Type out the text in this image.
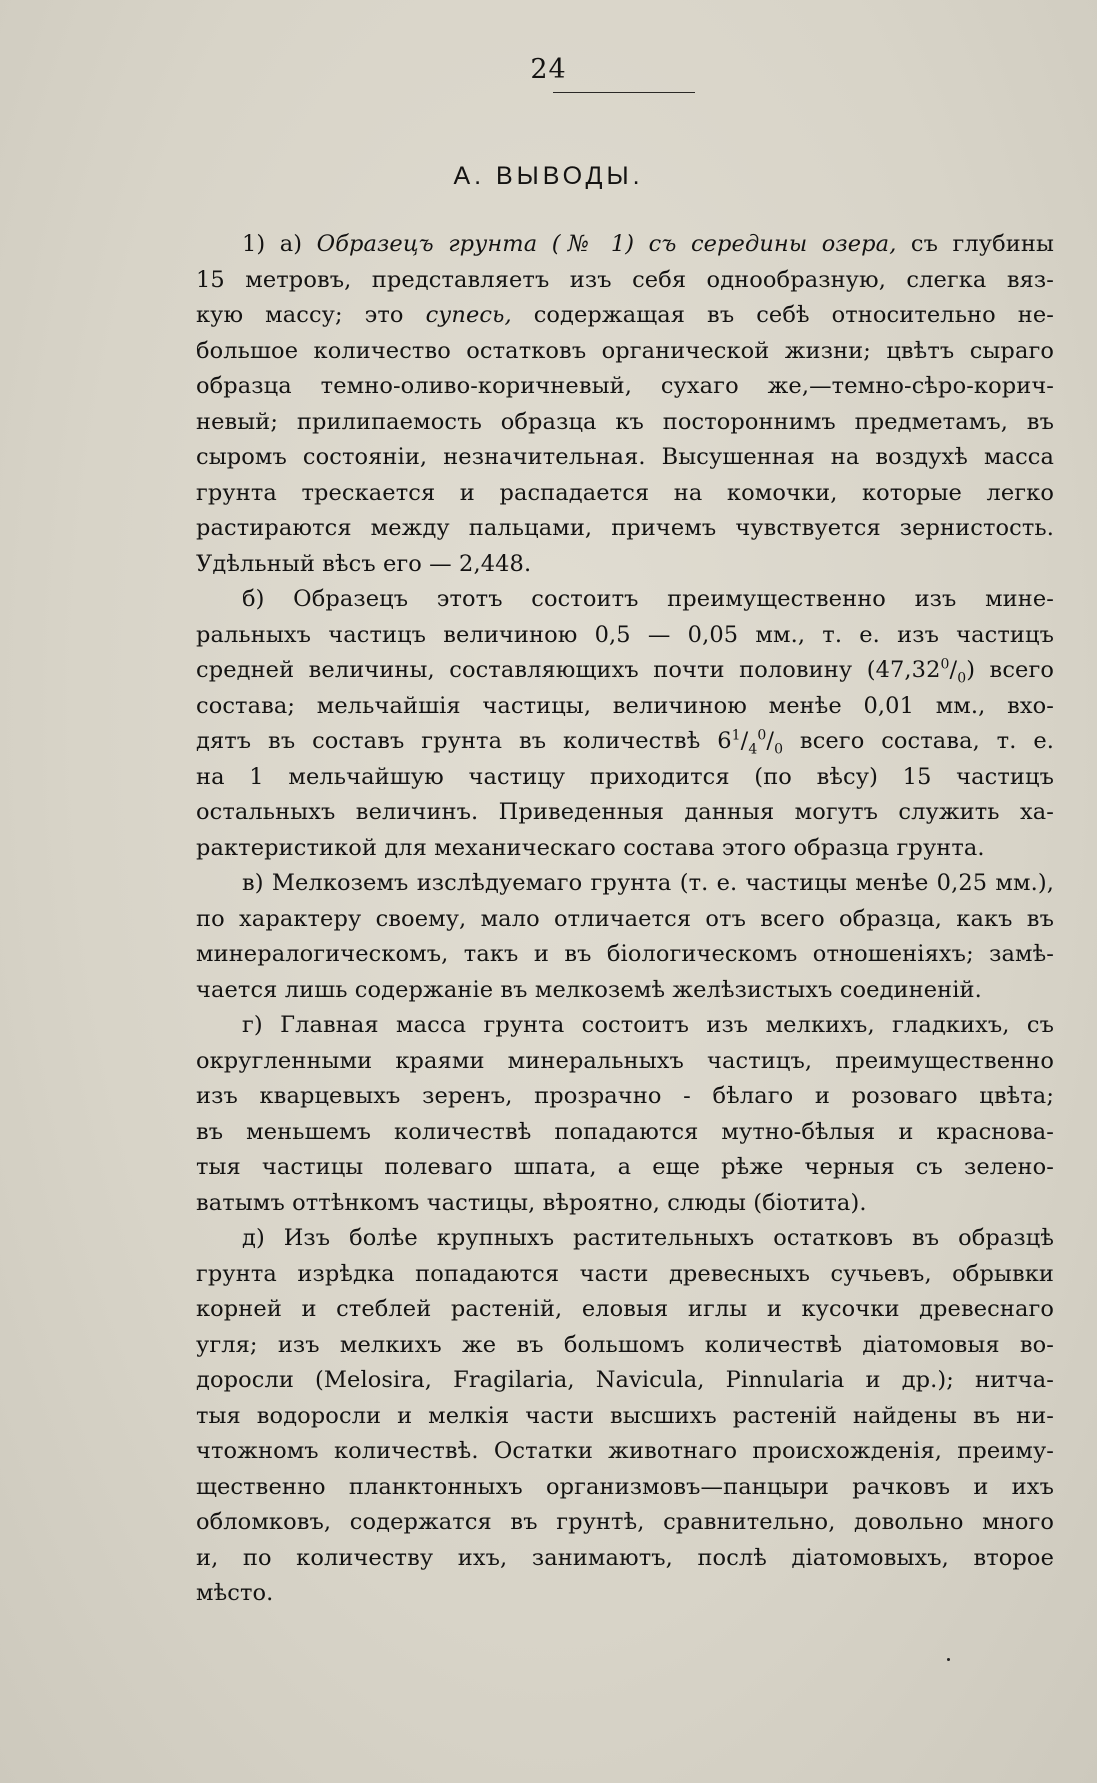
24
А. ВЫВОДЫ.
1) а) Образецъ грунта (№ 1) съ середины озера, съ глубины
15 метровъ, представляетъ изъ себя однообразную, слегка вяз-
кую массу; это супесь, содержащая въ себѣ относительно не-
большое количество остатковъ органической жизни; цвѣтъ сыраго
образца темно-оливо-коричневый, сухаго же,—темно-сѣро-корич-
невый; прилипаемость образца къ постороннимъ предметамъ, въ
сыромъ состояніи, незначительная. Высушенная на воздухѣ масса
грунта трескается и распадается на комочки, которые легко
растираются между пальцами, причемъ чувствуется зернистость.
Удѣльный вѣсъ его — 2,448.
б) Образецъ этотъ состоитъ преимущественно изъ мине-
ральныхъ частицъ величиною 0,5 — 0,05 мм., т. е. изъ частицъ
средней величины, составляющихъ почти половину $(47,32^0/_0)$ всего
состава; мельчайшія частицы, величиною менѣе 0,01 мм., вхо-
дятъ въ составъ грунта въ количествѣ $6^1/_4^0/_0$ всего состава, т. е.
на 1 мельчайшую частицу приходится (по вѣсу) 15 частицъ
остальныхъ величинъ. Приведенныя данныя могутъ служить ха-
рактеристикой для механическаго состава этого образца грунта.
в) Мелкоземъ изслѣдуемаго грунта (т. е. частицы менѣе 0,25 мм.),
по характеру своему, мало отличается отъ всего образца, какъ въ
минералогическомъ, такъ и въ біологическомъ отношеніяхъ; замѣ-
чается лишь содержаніе въ мелкоземѣ желѣзистыхъ соединеній.
г) Главная масса грунта состоитъ изъ мелкихъ, гладкихъ, съ
округленными краями минеральныхъ частицъ, преимущественно
изъ кварцевыхъ зеренъ, прозрачно - бѣлаго и розоваго цвѣта;
въ меньшемъ количествѣ попадаются мутно-бѣлыя и краснова-
тыя частицы полеваго шпата, а еще рѣже черныя съ зелено-
ватымъ оттѣнкомъ частицы, вѣроятно, слюды (біотита).
д) Изъ болѣе крупныхъ растительныхъ остатковъ въ образцѣ
грунта изрѣдка попадаются части древесныхъ сучьевъ, обрывки
корней и стеблей растеній, еловыя иглы и кусочки древеснаго
угля; изъ мелкихъ же въ большомъ количествѣ діатомовыя во-
доросли (Melosira, Fragilaria, Navicula, Pinnularia и др.); нитча-
тыя водоросли и мелкія части высшихъ растеній найдены въ ни-
чтожномъ количествѣ. Остатки животнаго происхожденія, преиму-
щественно планктонныхъ организмовъ—панцыри рачковъ и ихъ
обломковъ, содержатся въ грунтѣ, сравнительно, довольно много
и, по количеству ихъ, занимаютъ, послѣ діатомовыхъ, второе
мѣсто.
